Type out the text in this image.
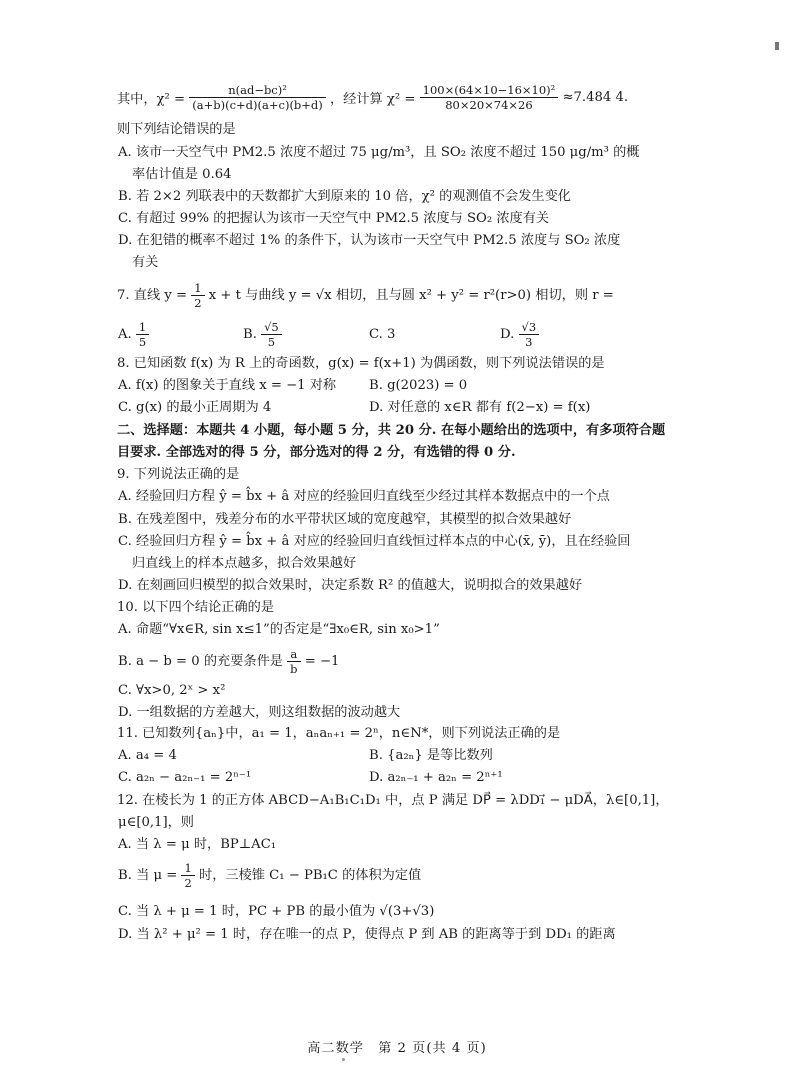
其中，$\chi^2 = \frac{\text{n(ad−bc)²}}{(a+b)(c+d)(a+c)(b+d)}$ ，经计算 $\chi^2 = \frac{\text{100×(64×10−16×10)²}}{80\times 20\times 74\times 26} \approx 7.484$ 4.
则下列结论错误的是
A. 该市一天空气中 PM2.5 浓度不超过 75 μg/m³，且 SO₂ 浓度不超过 150 μg/m³ 的概
率估计值是 0.64
B. 若 2×2 列联表中的天数都扩大到原来的 10 倍，χ² 的观测值不会发生变化
C. 有超过 99% 的把握认为该市一天空气中 PM2.5 浓度与 SO₂ 浓度有关
D. 在犯错的概率不超过 1% 的条件下，认为该市一天空气中 PM2.5 浓度与 SO₂ 浓度
有关
7. 直线 $y = \frac{1}{2}$ x + t 与曲线 y = √x 相切，且与圆 x² + y² = r²(r>0) 相切，则 r =
A. $\frac{1}{5}$	B. $\frac{√5}{5}$	C. 3	D. $\frac{√3}{3}$
8. 已知函数 f(x) 为 R 上的奇函数，g(x) = f(x+1) 为偶函数，则下列说法错误的是
A. f(x) 的图象关于直线 x = −1 对称 B. g(2023) = 0
C. g(x) 的最小正周期为 4	D. 对任意的 x∈R 都有 f(2−x) = f(x)
二、选择题：本题共 4 小题，每小题 5 分，共 20 分. 在每小题给出的选项中，有多项符合题
目要求. 全部选对的得 5 分，部分选对的得 2 分，有选错的得 0 分.
9. 下列说法正确的是
A. 经验回归方程 ŷ = b̂x + â 对应的经验回归直线至少经过其样本数据点中的一个点
B. 在残差图中，残差分布的水平带状区域的宽度越窄，其模型的拟合效果越好
C. 经验回归方程 ŷ = b̂x + â 对应的经验回归直线恒过样本点的中心(x̄, ȳ)，且在经验回
归直线上的样本点越多，拟合效果越好
D. 在刻画回归模型的拟合效果时，决定系数 R² 的值越大，说明拟合的效果越好
10. 以下四个结论正确的是
A. 命题“∀x∈R, sin x≤1”的否定是“∃x₀∈R, sin x₀>1”
B. a − b = 0 的充要条件是 $\frac{a}{b} = -1$
C. ∀x>0, 2ˣ > x²
D. 一组数据的方差越大，则这组数据的波动越大
11. 已知数列{aₙ}中，a₁ = 1，aₙaₙ₊₁ = 2ⁿ，n∈N*，则下列说法正确的是
A. a₄ = 4	B. {a₂ₙ} 是等比数列
C. a₂ₙ − a₂ₙ₋₁ = 2ⁿ⁻¹	D. a₂ₙ₋₁ + a₂ₙ = 2ⁿ⁺¹
12. 在棱长为 1 的正方体 ABCD−A₁B₁C₁D₁ 中，点 P 满足 DP⃗ = λDD₁⃗ − μDA⃗，λ∈[0,1]，
μ∈[0,1]，则
A. 当 λ = μ 时，BP⊥AC₁
B. 当 $\mu = \frac{1}{2}$ 时，三棱锥 C₁ − PB₁C 的体积为定值
C. 当 λ + μ = 1 时，PC + PB 的最小值为 √(3+√3)
D. 当 λ² + μ² = 1 时，存在唯一的点 P，使得点 P 到 AB 的距离等于到 DD₁ 的距离
高二数学　第 2 页(共 4 页)
